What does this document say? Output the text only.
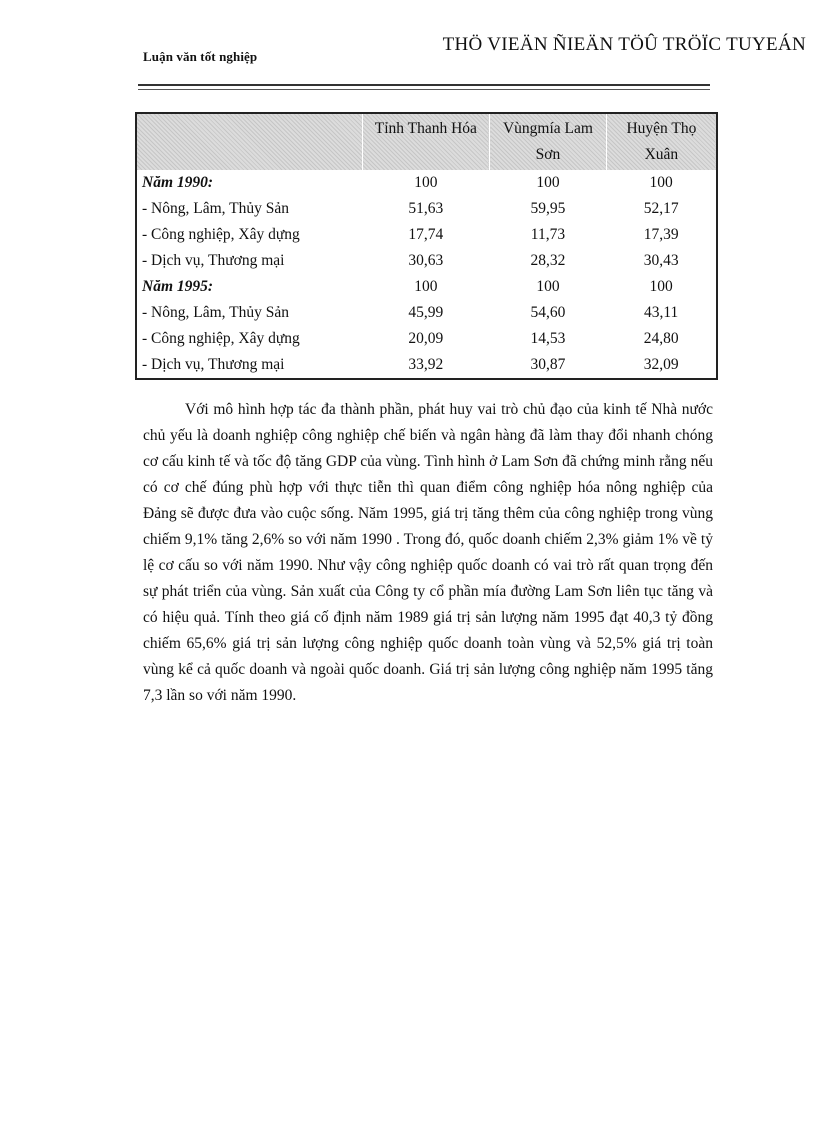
Luận văn tốt nghiệp
THÖ VIEÄN ÑIEÄN TÖÛ TRÖÏC TUYEÁN
	Tỉnh Thanh Hóa	Vùngmía Lam Sơn	Huyện Thọ Xuân
Năm 1990:	100	100	100
- Nông, Lâm, Thủy Sản	51,63	59,95	52,17
- Công nghiệp, Xây dựng	17,74	11,73	17,39
- Dịch vụ, Thương mại	30,63	28,32	30,43
Năm 1995:	100	100	100
- Nông, Lâm, Thủy Sản	45,99	54,60	43,11
- Công nghiệp, Xây dựng	20,09	14,53	24,80
- Dịch vụ, Thương mại	33,92	30,87	32,09

Với mô hình hợp tác đa thành phần, phát huy vai trò chủ đạo của kinh tế Nhà nước chủ yếu là doanh nghiệp công nghiệp chế biến và ngân hàng đã làm thay đổi nhanh chóng cơ cấu kinh tế và tốc độ tăng GDP của vùng. Tình hình ở Lam Sơn đã chứng minh rằng nếu có cơ chế đúng phù hợp với thực tiễn thì quan điểm công nghiệp hóa nông nghiệp của Đảng sẽ được đưa vào cuộc sống. Năm 1995, giá trị tăng thêm của công nghiệp trong vùng chiếm 9,1% tăng 2,6% so với năm 1990 . Trong đó, quốc doanh chiếm 2,3% giảm 1% về tỷ lệ cơ cấu so với năm 1990. Như vậy công nghiệp quốc doanh có vai trò rất quan trọng đến sự phát triển của vùng. Sản xuất của Công ty cổ phần mía đường Lam Sơn liên tục tăng và có hiệu quả. Tính theo giá cố định năm 1989 giá trị sản lượng năm 1995 đạt 40,3 tỷ đồng chiếm 65,6% giá trị sản lượng công nghiệp quốc doanh toàn vùng và 52,5% giá trị toàn vùng kể cả quốc doanh và ngoài quốc doanh. Giá trị sản lượng công nghiệp năm 1995 tăng 7,3 lần so với năm 1990.
